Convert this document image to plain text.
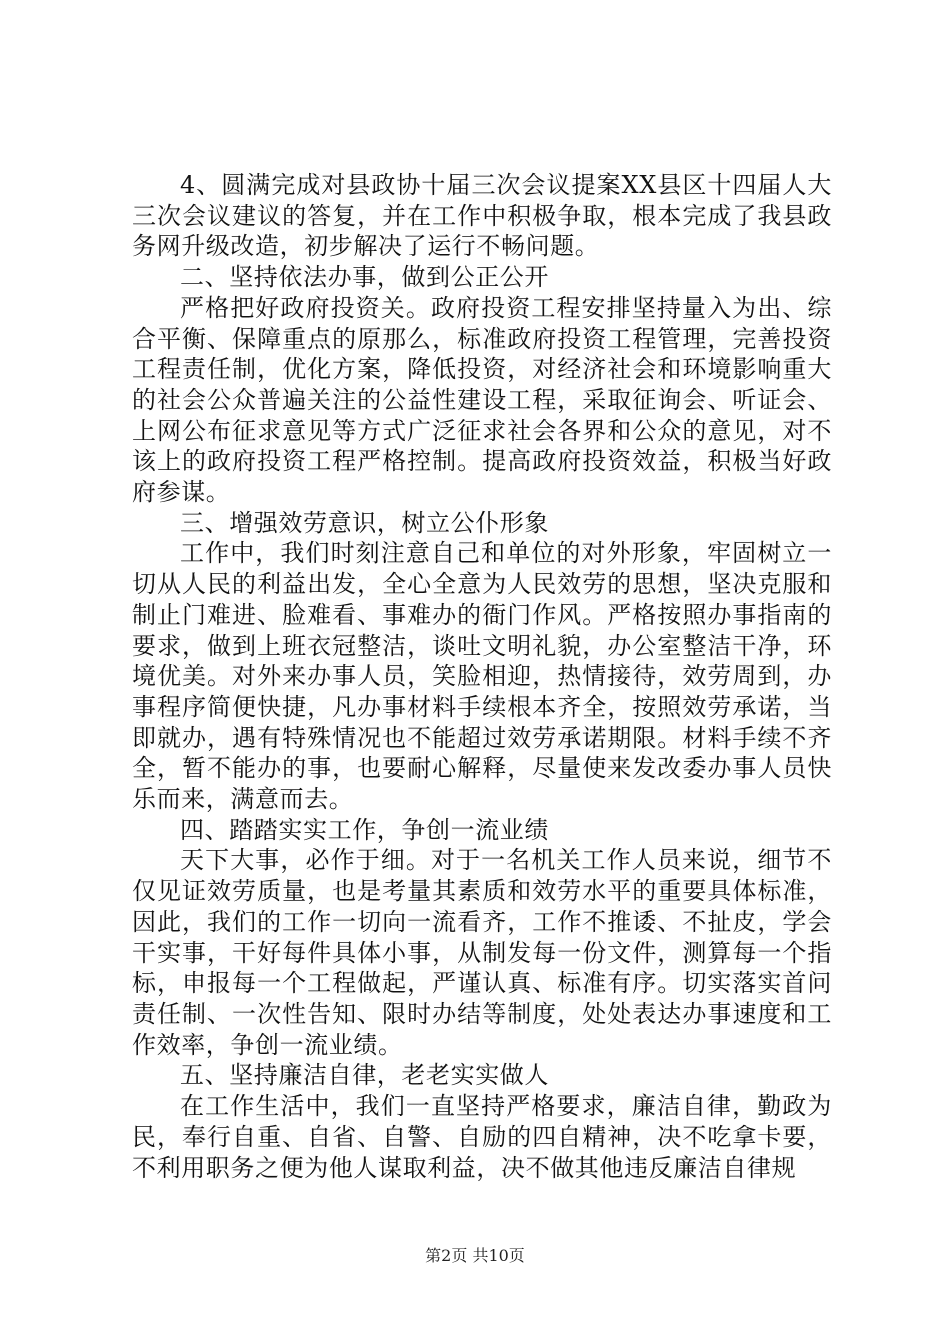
4、圆满完成对县政协十届三次会议提案XX县区十四届人大三次会议建议的答复，并在工作中积极争取，根本完成了我县政务网升级改造，初步解决了运行不畅问题。

二、坚持依法办事，做到公正公开

严格把好政府投资关。政府投资工程安排坚持量入为出、综合平衡、保障重点的原那么，标准政府投资工程管理，完善投资工程责任制，优化方案，降低投资，对经济社会和环境影响重大的社会公众普遍关注的公益性建设工程，采取征询会、听证会、上网公布征求意见等方式广泛征求社会各界和公众的意见，对不该上的政府投资工程严格控制。提高政府投资效益，积极当好政府参谋。

三、增强效劳意识，树立公仆形象

工作中，我们时刻注意自己和单位的对外形象，牢固树立一切从人民的利益出发，全心全意为人民效劳的思想，坚决克服和制止门难进、脸难看、事难办的衙门作风。严格按照办事指南的要求，做到上班衣冠整洁，谈吐文明礼貌，办公室整洁干净，环境优美。对外来办事人员，笑脸相迎，热情接待，效劳周到，办事程序简便快捷，凡办事材料手续根本齐全，按照效劳承诺，当即就办，遇有特殊情况也不能超过效劳承诺期限。材料手续不齐全，暂不能办的事，也要耐心解释，尽量使来发改委办事人员快乐而来，满意而去。

四、踏踏实实工作，争创一流业绩

天下大事，必作于细。对于一名机关工作人员来说，细节不仅见证效劳质量，也是考量其素质和效劳水平的重要具体标准，因此，我们的工作一切向一流看齐，工作不推诿、不扯皮，学会干实事，干好每件具体小事，从制发每一份文件，测算每一个指标，申报每一个工程做起，严谨认真、标准有序。切实落实首问责任制、一次性告知、限时办结等制度，处处表达办事速度和工作效率，争创一流业绩。

五、坚持廉洁自律，老老实实做人

在工作生活中，我们一直坚持严格要求，廉洁自律，勤政为民，奉行自重、自省、自警、自励的四自精神，决不吃拿卡要，不利用职务之便为他人谋取利益，决不做其他违反廉洁自律规

第2页 共10页
